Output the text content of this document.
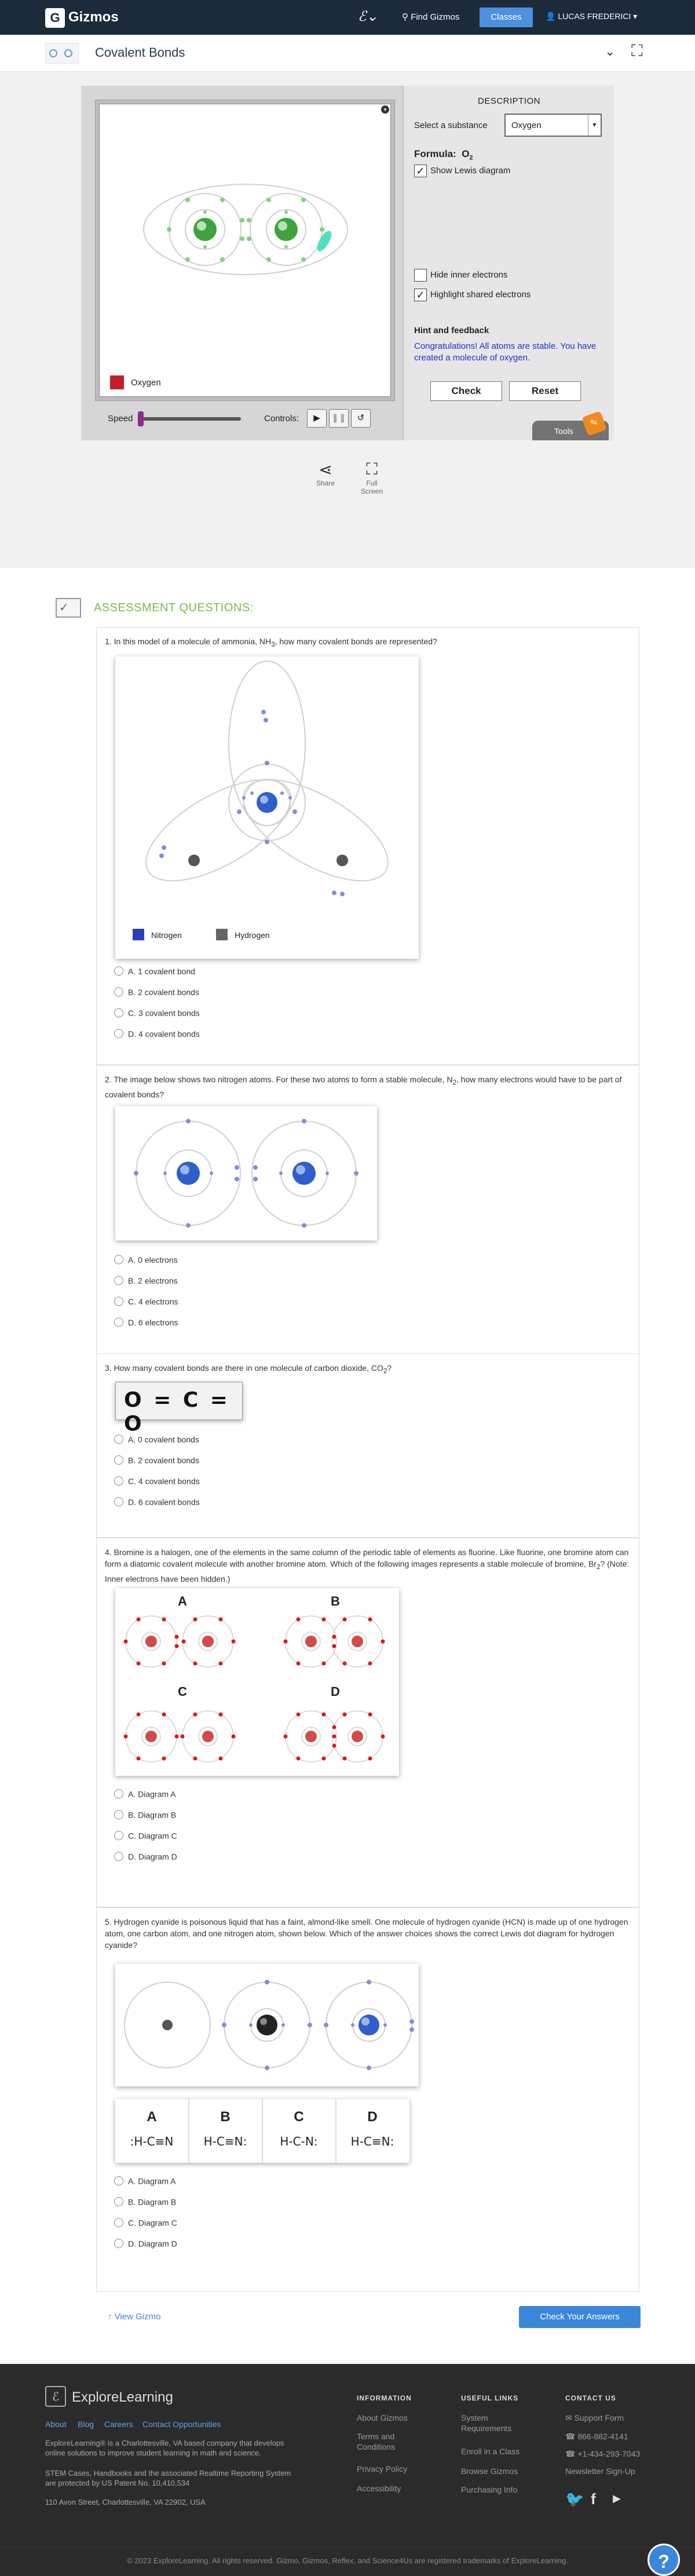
G Gizmos	ℰ⌄	⚲ Find Gizmos	Classes	👤 LUCAS FREDERICI ▾
Covalent Bonds	⌄ ⛶
Oxygen
▾
Speed	Controls:	▶	❚❚	↺
DESCRIPTION
Select a substance	Oxygen	▼
Formula: $O_2$
✓ Show Lewis diagram
Hide inner electrons
✓ Highlight shared electrons
Hint and feedback
Congratulations! All atoms are stable. You have created a molecule of oxygen.
Check	Reset
Tools
✎
⋖
Share
⛶
Full
Screen
✓
ASSESSMENT QUESTIONS:
1. In this model of a molecule of ammonia, $NH_3$, how many covalent bonds are represented?
Nitrogen	Hydrogen
A. 1 covalent bond
B. 2 covalent bonds
C. 3 covalent bonds
D. 4 covalent bonds
2. The image below shows two nitrogen atoms. For these two atoms to form a stable molecule, $N_2$, how many electrons would have to be part of covalent bonds?
A. 0 electrons
B. 2 electrons
C. 4 electrons
D. 6 electrons
3. How many covalent bonds are there in one molecule of carbon dioxide, $CO_2$?
O = C = O
A. 0 covalent bonds
B. 2 covalent bonds
C. 4 covalent bonds
D. 6 covalent bonds
4. Bromine is a halogen, one of the elements in the same column of the periodic table of elements as fluorine. Like fluorine, one bromine atom can form a diatomic covalent molecule with another bromine atom. Which of the following images represents a stable molecule of bromine, $Br_2$? (Note: Inner electrons have been hidden.)
A	B
C	D
A. Diagram A
B. Diagram B
C. Diagram C
D. Diagram D
5. Hydrogen cyanide is poisonous liquid that has a faint, almond-like smell. One molecule of hydrogen cyanide (HCN) is made up of one hydrogen atom, one carbon atom, and one nitrogen atom, shown below. Which of the answer choices shows the correct Lewis dot diagram for hydrogen cyanide?
A	B	C	D
:H-C≡N	H-C≡N:	H-C-N:	H-C≡N:
A. Diagram A
B. Diagram B
C. Diagram C
D. Diagram D
↑ View Gizmo	Check Your Answers
ℰ ExploreLearning
About Blog Careers Contact Opportunities
ExploreLearning® is a Charlottesville, VA based company that develops online solutions to improve student learning in math and science.
STEM Cases, Handbooks and the associated Realtime Reporting System are protected by US Patent No. 10,410,534
110 Avon Street, Charlottesville, VA 22902, USA
INFORMATION
About Gizmos
Terms and Conditions
Privacy Policy
Accessibility
USEFUL LINKS
System Requirements
Enroll in a Class
Browse Gizmos
Purchasing Info
CONTACT US
✉ Support Form
☎ 866-882-4141
☎ +1-434-293-7043
Newsletter Sign-Up
🐦 f ▶
© 2023 ExploreLearning. All rights reserved. Gizmo, Gizmos, Reflex, and Science4Us are registered trademarks of ExploreLearning.	?
